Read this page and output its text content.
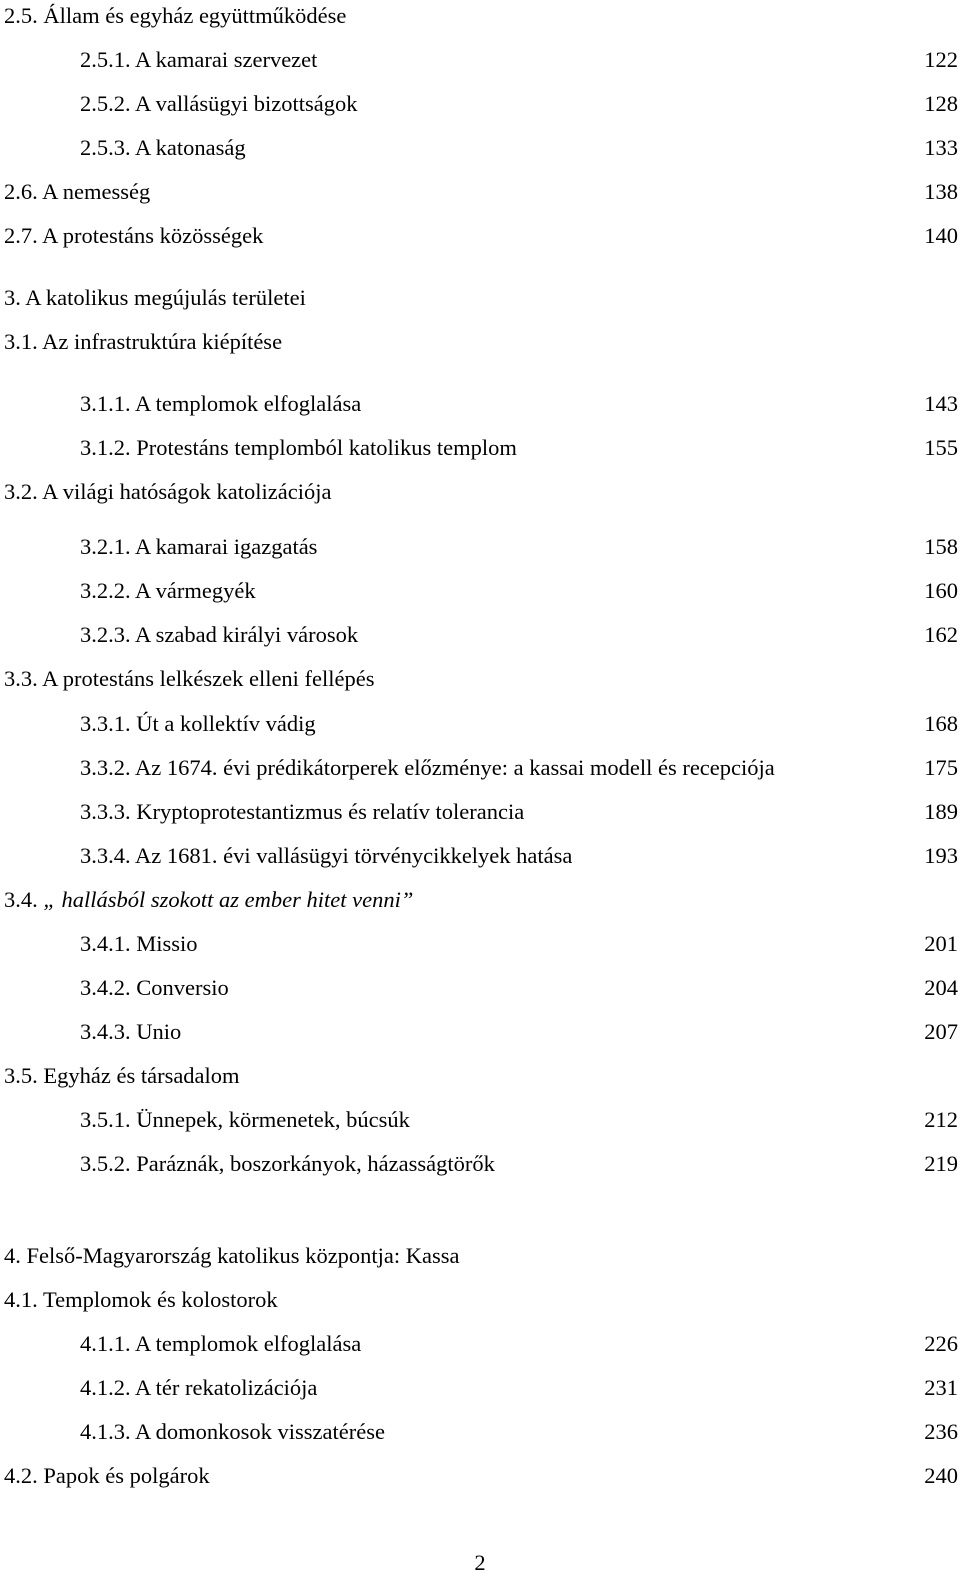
2.5. Állam és egyház együttműködése
2.5.1. A kamarai szervezet	122
2.5.2. A vallásügyi bizottságok	128
2.5.3. A katonaság	133
2.6. A nemesség	138
2.7. A protestáns közösségek	140
3. A katolikus megújulás területei
3.1. Az infrastruktúra kiépítése
3.1.1. A templomok elfoglalása	143
3.1.2. Protestáns templomból katolikus templom	155
3.2. A világi hatóságok katolizációja
3.2.1. A kamarai igazgatás	158
3.2.2. A vármegyék	160
3.2.3. A szabad királyi városok	162
3.3. A protestáns lelkészek elleni fellépés
3.3.1. Út a kollektív vádig	168
3.3.2. Az 1674. évi prédikátorperek előzménye: a kassai modell és recepciója	175
3.3.3. Kryptoprotestantizmus és relatív tolerancia	189
3.3.4. Az 1681. évi vallásügyi törvénycikkelyek hatása	193
3.4. „ hallásból szokott az ember hitet venni”
3.4.1. Missio	201
3.4.2. Conversio	204
3.4.3. Unio	207
3.5. Egyház és társadalom
3.5.1. Ünnepek, körmenetek, búcsúk	212
3.5.2. Paráznák, boszorkányok, házasságtörők	219
4. Felső-Magyarország katolikus központja: Kassa
4.1. Templomok és kolostorok
4.1.1. A templomok elfoglalása	226
4.1.2. A tér rekatolizációja	231
4.1.3. A domonkosok visszatérése	236
4.2. Papok és polgárok	240
2
